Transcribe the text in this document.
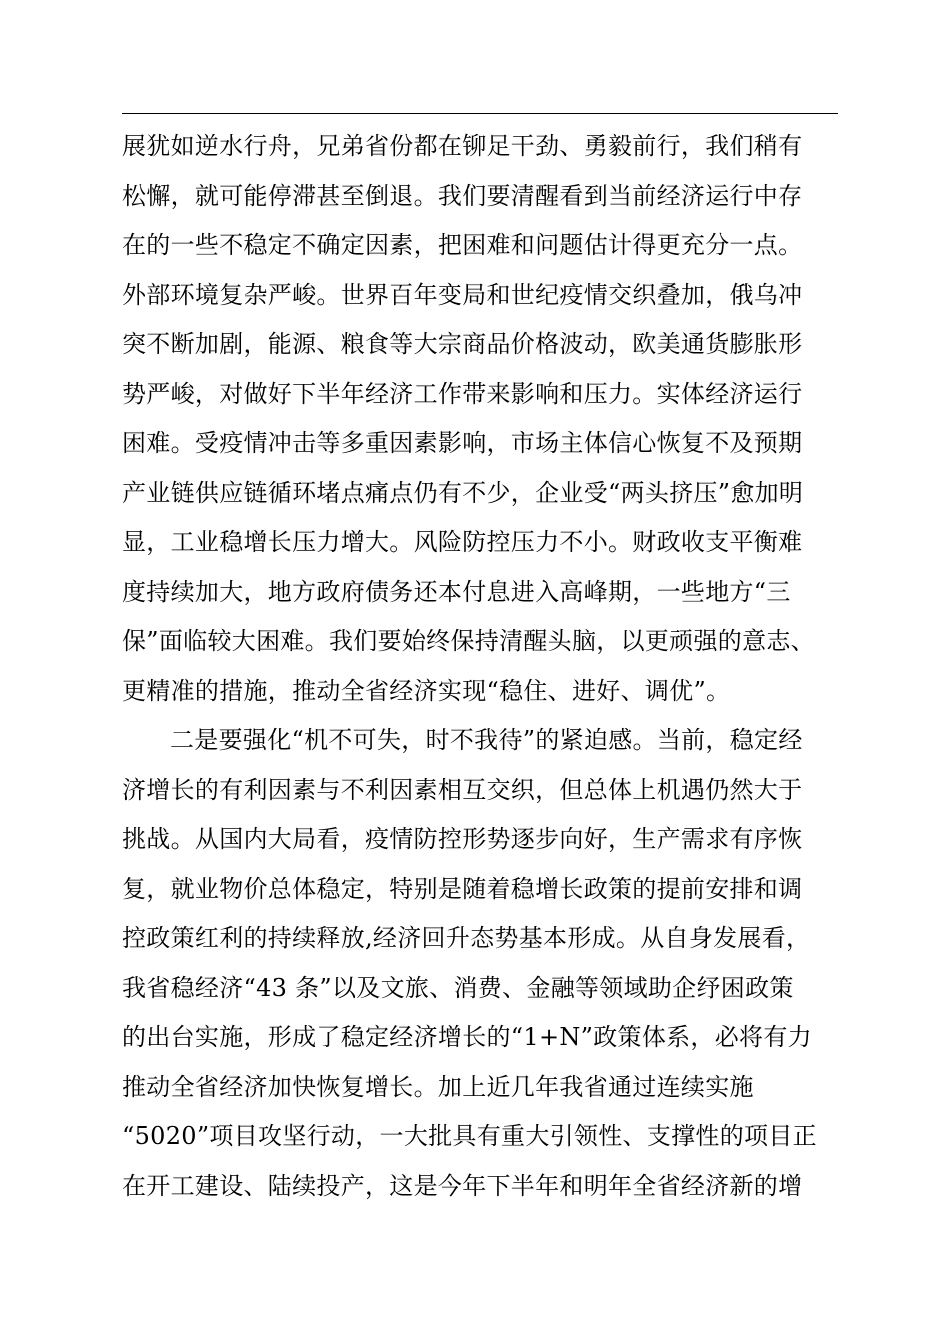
展犹如逆水行舟，兄弟省份都在铆足干劲、勇毅前行，我们稍有
松懈，就可能停滞甚至倒退。我们要清醒看到当前经济运行中存
在的一些不稳定不确定因素，把困难和问题估计得更充分一点。
外部环境复杂严峻。世界百年变局和世纪疫情交织叠加，俄乌冲
突不断加剧，能源、粮食等大宗商品价格波动，欧美通货膨胀形
势严峻，对做好下半年经济工作带来影响和压力。实体经济运行
困难。受疫情冲击等多重因素影响，市场主体信心恢复不及预期
产业链供应链循环堵点痛点仍有不少，企业受“两头挤压”愈加明
显，工业稳增长压力增大。风险防控压力不小。财政收支平衡难
度持续加大，地方政府债务还本付息进入高峰期，一些地方“三
保”面临较大困难。我们要始终保持清醒头脑，以更顽强的意志、
更精准的措施，推动全省经济实现“稳住、进好、调优”。
二是要强化“机不可失，时不我待”的紧迫感。当前，稳定经
济增长的有利因素与不利因素相互交织，但总体上机遇仍然大于
挑战。从国内大局看，疫情防控形势逐步向好，生产需求有序恢
复，就业物价总体稳定，特别是随着稳增长政策的提前安排和调
控政策红利的持续释放,经济回升态势基本形成。从自身发展看，
我省稳经济“43 条”以及文旅、消费、金融等领域助企纾困政策
的出台实施，形成了稳定经济增长的“1+N”政策体系，必将有力
推动全省经济加快恢复增长。加上近几年我省通过连续实施
“5020”项目攻坚行动，一大批具有重大引领性、支撑性的项目正
在开工建设、陆续投产，这是今年下半年和明年全省经济新的增
